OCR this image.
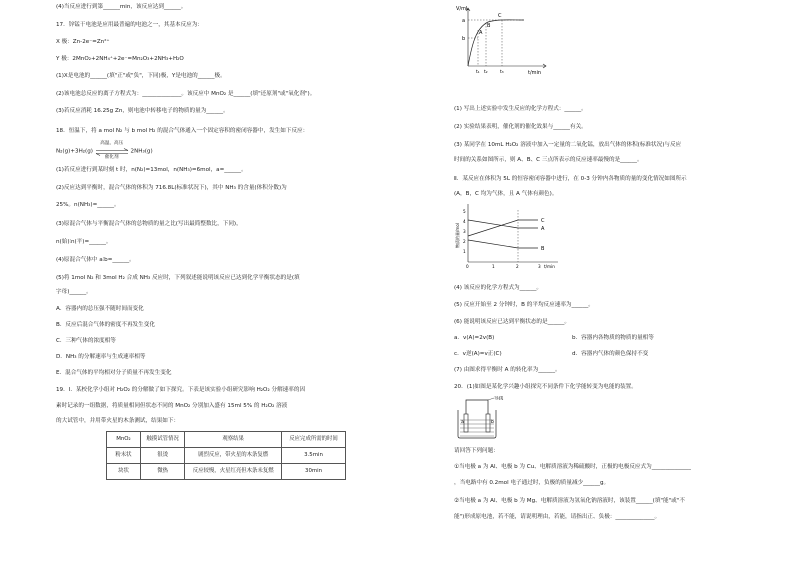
(4)当反应进行到第______min，该反应达到______。
17．锌锰干电池是应用最普遍的电池之一，其基本反应为：
X 极：Zn-2e⁻=Zn²⁺
Y 极：2MnO₂+2NH₄⁺+2e⁻=Mn₂O₃+2NH₃+H₂O
(1)X是电池的______(填"正"或"负"，下同)极，Y是电池的______极。
(2)该电池总反应的离子方程式为：______________。该反应中 MnO₂ 是______(填"还原剂"或"氧化剂")。
(3)若反应消耗 16.25g Zn，则电池中转移电子的物质的量为______。
18．恒温下，将 a mol N₂ 与 b mol H₂ 的混合气体通入一个固定容积的密闭容器中，发生如下反应：
N₂(g)+3H₂(g)
高温、高压
催化剂
2NH₃(g)
(1)若反应进行到某时刻 t 时，n(N₂)=13mol，n(NH₃)=6mol，a=______。
(2)反应达到平衡时，混合气体的体积为 716.8L(标准状况下)，其中 NH₃ 的含量(体积分数)为
25%。n(NH₃)=______。
(3)原混合气体与平衡混合气体的总物质的量之比(写出最简整数比，下同)，
n(始)∶n(平)=______。
(4)原混合气体中 a∶b=______。
(5)将 1mol N₂ 和 3mol H₂ 合成 NH₃ 反应时，下列叙述能说明该反应已达到化学平衡状态的是(填
字母)______。
A．容器内的总压强不随时间而变化
B．反应后混合气体的密度不再发生变化
C．三种气体的浓度相等
D．NH₃ 的分解速率与生成速率相等
E．混合气体的平均相对分子质量不再发生变化
19．Ⅰ．某校化学小组对 H₂O₂ 的分解做了如下探究。下表是该实验小组研究影响 H₂O₂ 分解速率的因
素时记录的一组数据，将质量相同但状态不同的 MnO₂ 分别加入盛有 15ml 5% 的 H₂O₂ 溶液
的大试管中，并用带火星的木条测试，结果如下：
MnO₂	触摸试管情况	观察结果	反应完成所需的时间
粉末状	很烫	剧烈反应，带火星的木条复燃	3.5min
块状	微热	反应较慢，火星红亮但木条未复燃	30min
V/mL
t/min
a
b
A
B
C
t₁ t₂	t₃
(1) 写出上述实验中发生反应的化学方程式：______。
(2) 实验结果表明，催化剂的催化效果与______有关。
(3) 某同学在 10mL H₂O₂ 溶液中加入一定量的二氧化锰，放出气体的体积(标准状况)与反应
时间的关系如图所示，则 A、B、C 三点所表示的反应速率最慢的是______。
Ⅱ．某反应在体积为 5L 的恒容密闭容器中进行，在 0-3 分钟内各物质的量的变化情况如图所示
(A，B，C 均为气体，且 A 气体有颜色)。
物质的量/mol
1
2
3
4
5
0	1	2	3 t/min
C
A
B
(4) 该反应的化学方程式为______。
(5) 反应开始至 2 分钟时，B 的平均反应速率为______。
(6) 能说明该反应已达到平衡状态的是______。
a．v(A)=2v(B)	b．容器内各物质的物质的量相等
c．v逆(A)=v正(C)	d．容器内气体的颜色保持不变
(7) 由图求得平衡时 A 的转化率为______。
20．(1)如图是某化学兴趣小组探究不同条件下化学能转变为电能的装置。
导线
a	b
请回答下列问题：
①当电极 a 为 Al、电极 b 为 Cu、电解质溶液为稀硫酸时，正极的电极反应式为______________
，当电路中有 0.2mol 电子通过时，负极的质量减少______g。
②当电极 a 为 Al、电极 b 为 Mg、电解质溶液为氢氧化钠溶液时，该装置______(填"能"或"不
能")形成原电池，若不能，请说明理由，若能，请指出正、负极：______________。
